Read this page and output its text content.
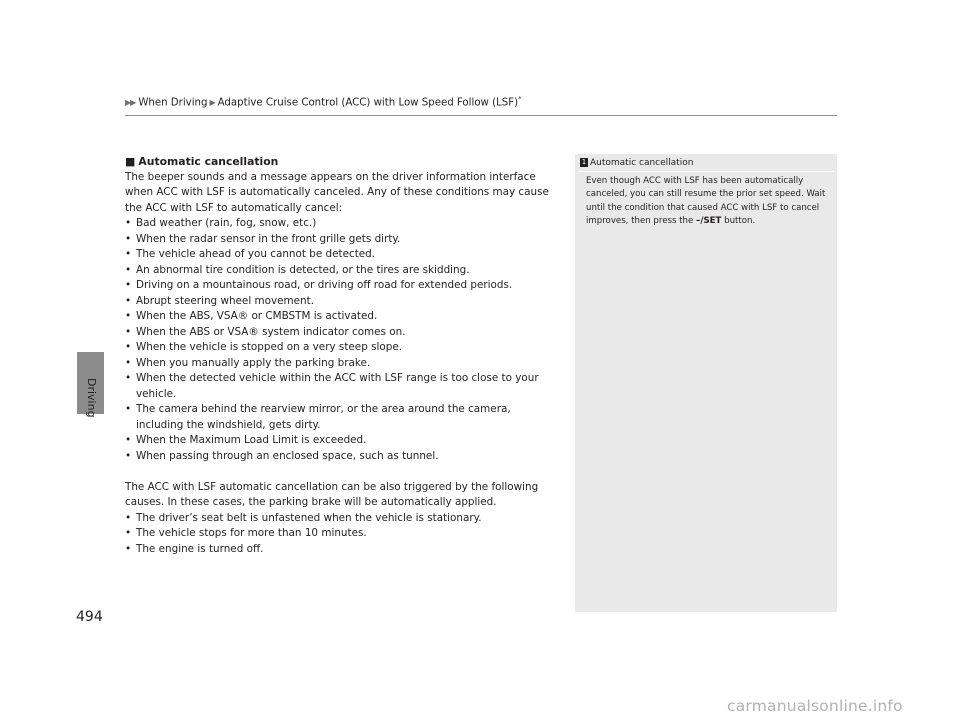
▶▶ When Driving ▶ Adaptive Cruise Control (ACC) with Low Speed Follow (LSF)*
Driving
494

■ Automatic cancellation

The beeper sounds and a message appears on the driver information interface when ACC with LSF is automatically canceled. Any of these conditions may cause the ACC with LSF to automatically cancel:

• Bad weather (rain, fog, snow, etc.)
• When the radar sensor in the front grille gets dirty.
• The vehicle ahead of you cannot be detected.
• An abnormal tire condition is detected, or the tires are skidding.
• Driving on a mountainous road, or driving off road for extended periods.
• Abrupt steering wheel movement.
• When the ABS, VSA® or CMBSTM is activated.
• When the ABS or VSA® system indicator comes on.
• When the vehicle is stopped on a very steep slope.
• When you manually apply the parking brake.
• When the detected vehicle within the ACC with LSF range is too close to your vehicle.
• The camera behind the rearview mirror, or the area around the camera, including the windshield, gets dirty.
• When the Maximum Load Limit is exceeded.
• When passing through an enclosed space, such as tunnel.

The ACC with LSF automatic cancellation can be also triggered by the following causes. In these cases, the parking brake will be automatically applied.

• The driver’s seat belt is unfastened when the vehicle is stationary.
• The vehicle stops for more than 10 minutes.
• The engine is turned off.
1 Automatic cancellation
Even though ACC with LSF has been automatically canceled, you can still resume the prior set speed. Wait until the condition that caused ACC with LSF to cancel improves, then press the –/SET button.
carmanualsonline.info
